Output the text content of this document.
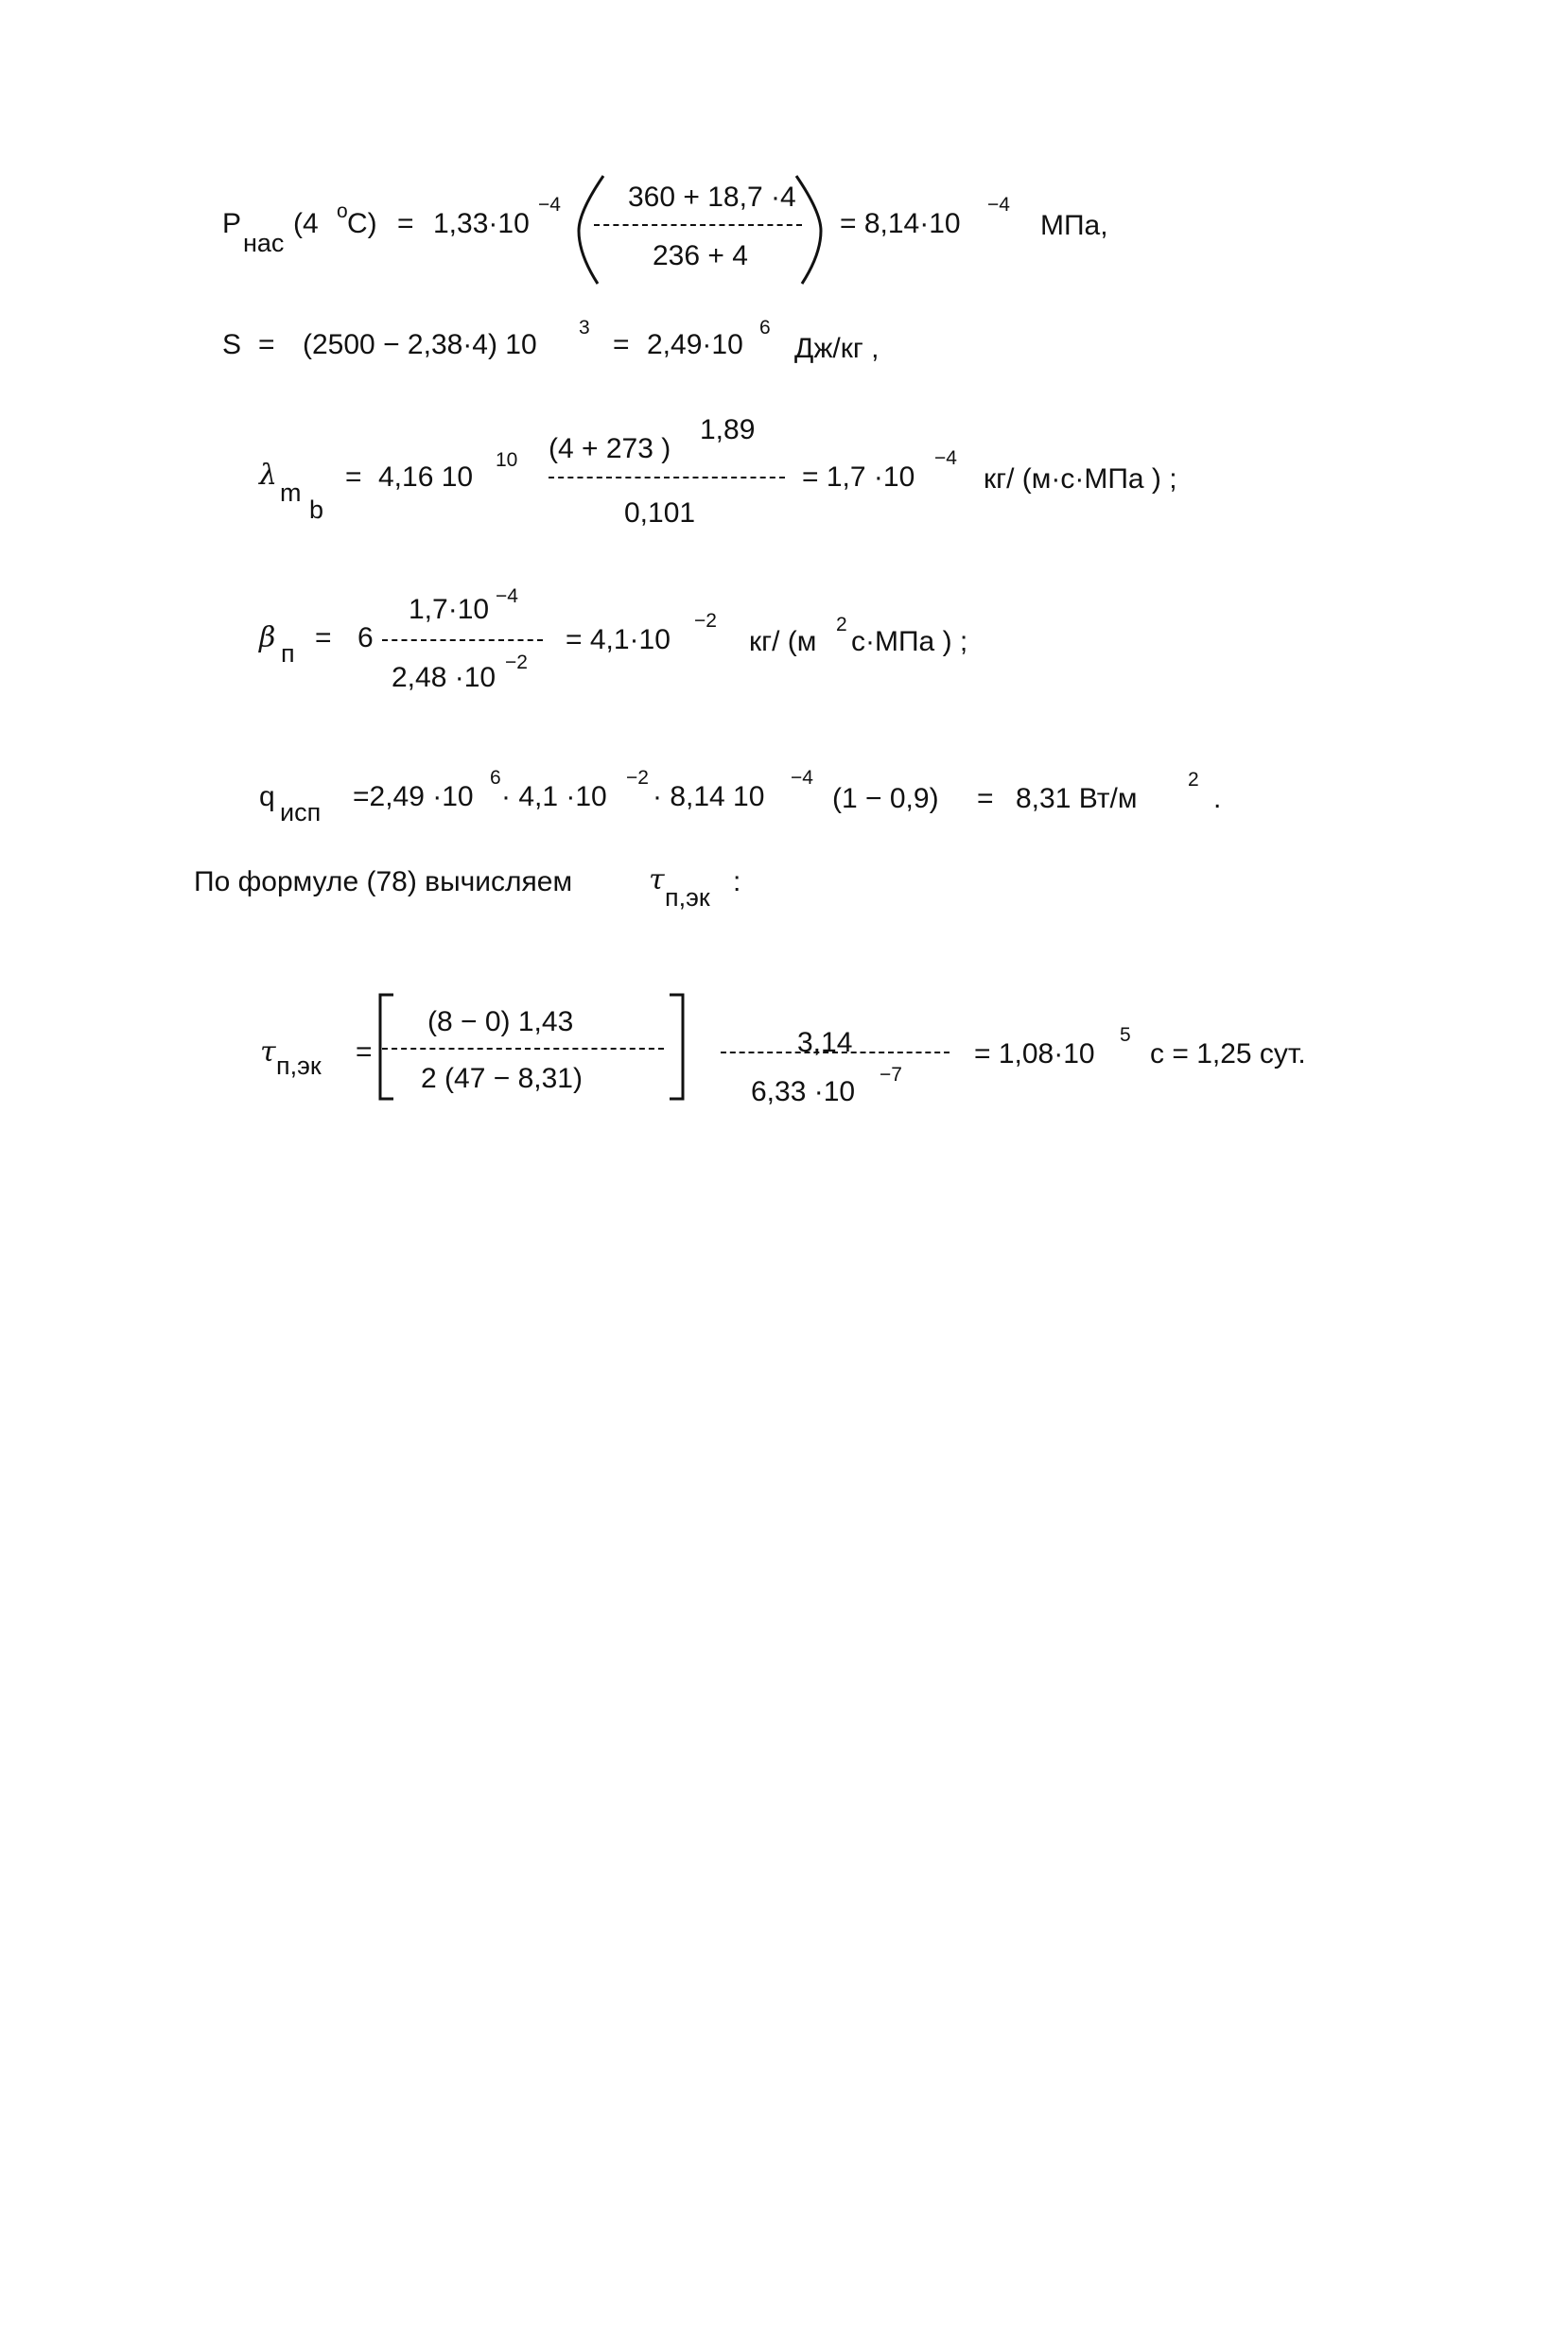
P
нас
(4 o C) = 1,33·10
−4 360 + 18,7 ·4
236 + 4
= 8,14·10
−4
МПа,
S = (2500 − 2,38·4) 10
3
= 2,49·10
6
Дж/кг ,
λ
m
b
= 4,16 10
10 (4 + 273 )
1,89
0,101
= 1,7 ·10
−4
кг/ (м·с·МПа ) ;
β п = 6
1,7·10 −4
2,48 ·10 −2
= 4,1·10
−2
кг/ (м
2
с·МПа ) ;
q исп =2,49 ·10
6
· 4,1 ·10
−2
· 8,14 10
−4
(1 − 0,9) = 8,31 Вт/м
2
.
По формуле (78) вычисляем	τ
п,эк :
τ п,эк =
(8 − 0) 1,43
2 (47 − 8,31)
3,14
6,33 ·10
−7
= 1,08·10
5
с = 1,25 сут.
